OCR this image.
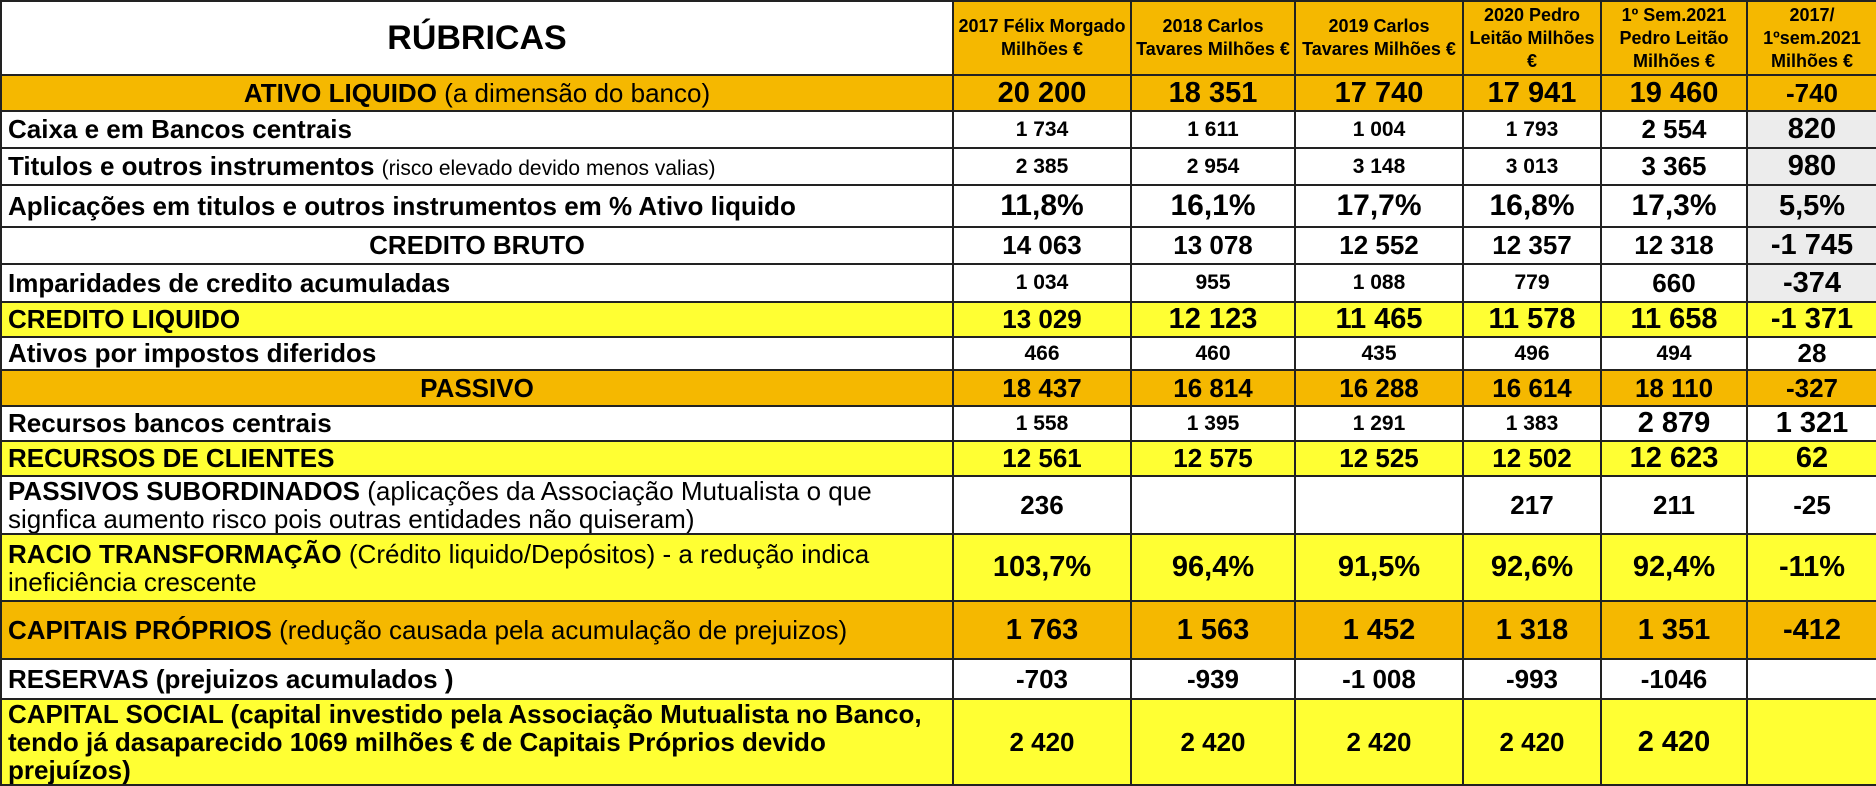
RÚBRICAS	2017 Félix Morgado Milhões €	2018 Carlos Tavares Milhões €	2019 Carlos Tavares Milhões €	2020 Pedro Leitão Milhões €	1º Sem.2021 Pedro Leitão Milhões €	2017/ 1ºsem.2021 Milhões €
ATIVO LIQUIDO (a dimensão do banco)	20 200	18 351	17 740	17 941	19 460	-740
Caixa e em Bancos centrais	1 734	1 611	1 004	1 793	2 554	820
Titulos e outros instrumentos (risco elevado devido menos valias)	2 385	2 954	3 148	3 013	3 365	980
Aplicações em titulos e outros instrumentos em % Ativo liquido	11,8%	16,1%	17,7%	16,8%	17,3%	5,5%
CREDITO BRUTO	14 063	13 078	12 552	12 357	12 318	-1 745
Imparidades de credito acumuladas	1 034	955	1 088	779	660	-374
CREDITO LIQUIDO	13 029	12 123	11 465	11 578	11 658	-1 371
Ativos por impostos diferidos	466	460	435	496	494	28
PASSIVO	18 437	16 814	16 288	16 614	18 110	-327
Recursos bancos centrais	1 558	1 395	1 291	1 383	2 879	1 321
RECURSOS DE CLIENTES	12 561	12 575	12 525	12 502	12 623	62
PASSIVOS SUBORDINADOS (aplicações da Associação Mutualista o que signfica aumento risco pois outras entidades não quiseram)	236			217	211	-25
RACIO TRANSFORMAÇÃO (Crédito liquido/Depósitos) - a redução indica ineficiência crescente	103,7%	96,4%	91,5%	92,6%	92,4%	-11%
CAPITAIS PRÓPRIOS (redução causada pela acumulação de prejuizos)	1 763	1 563	1 452	1 318	1 351	-412
RESERVAS (prejuizos acumulados )	-703	-939	-1 008	-993	-1046	
CAPITAL SOCIAL (capital investido pela Associação Mutualista no Banco, tendo já dasaparecido 1069 milhões € de Capitais Próprios devido prejuízos)	2 420	2 420	2 420	2 420	2 420	
